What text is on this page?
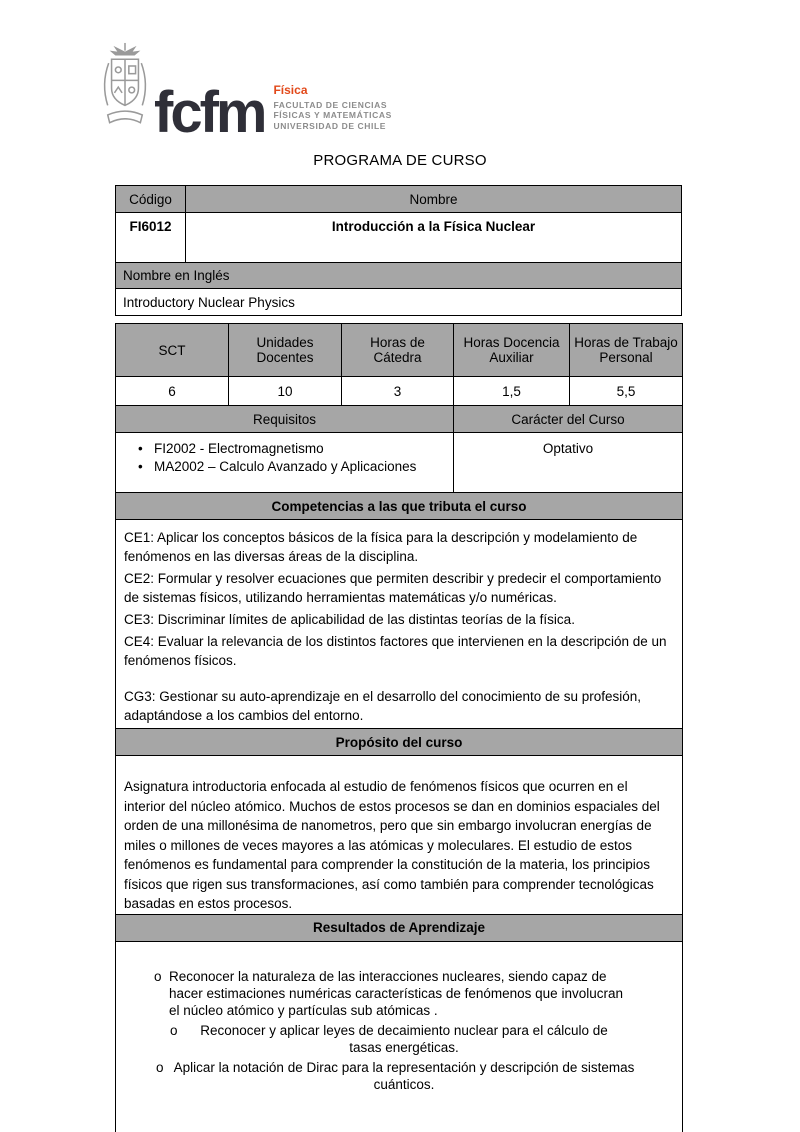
fcfm Física
FACULTAD DE CIENCIAS
FÍSICAS Y MATEMÁTICAS
UNIVERSIDAD DE CHILE
PROGRAMA DE CURSO
Código	Nombre
FI6012	Introducción a la Física Nuclear
Nombre en Inglés	
Introductory Nuclear Physics	
SCT	Unidades Docentes	Horas de Cátedra	Horas Docencia Auxiliar	Horas de Trabajo Personal
6	10	3	1,5	5,5
Requisitos			Carácter del Curso	

• FI2002 - Electromagnetismo
• MA2002 – Calculo Avanzado y Aplicaciones			Optativo	
Competencias a las que tributa el curso				

CE1: Aplicar los conceptos básicos de la física para la descripción y modelamiento de fenómenos en las diversas áreas de la disciplina.

CE2: Formular y resolver ecuaciones que permiten describir y predecir el comportamiento de sistemas físicos, utilizando herramientas matemáticas y/o numéricas.

CE3: Discriminar límites de aplicabilidad de las distintas teorías de la física.

CE4: Evaluar la relevancia de los distintos factores que intervienen en la descripción de un fenómenos físicos.

CG3: Gestionar su auto-aprendizaje en el desarrollo del conocimiento de su profesión, adaptándose a los cambios del entorno.				

Propósito del curso				
Asignatura introductoria enfocada al estudio de fenómenos físicos que ocurren en el interior del núcleo atómico. Muchos de estos procesos se dan en dominios espaciales del orden de una millonésima de nanometros, pero que sin embargo involucran energías de miles o millones de veces mayores a las atómicas y moleculares. El estudio de estos fenómenos es fundamental para comprender la constitución de la materia, los principios físicos que rigen sus transformaciones, así como también para comprender tecnológicas basadas en estos procesos.				
Resultados de Aprendizaje				

o Reconocer la naturaleza de las interacciones nucleares, siendo capaz de hacer estimaciones numéricas características de fenómenos que involucran el núcleo atómico y partículas sub atómicas .
o	Reconocer y aplicar leyes de decaimiento nuclear para el cálculo de tasas energéticas.
o Aplicar la notación de Dirac para la representación y descripción de sistemas cuánticos.
